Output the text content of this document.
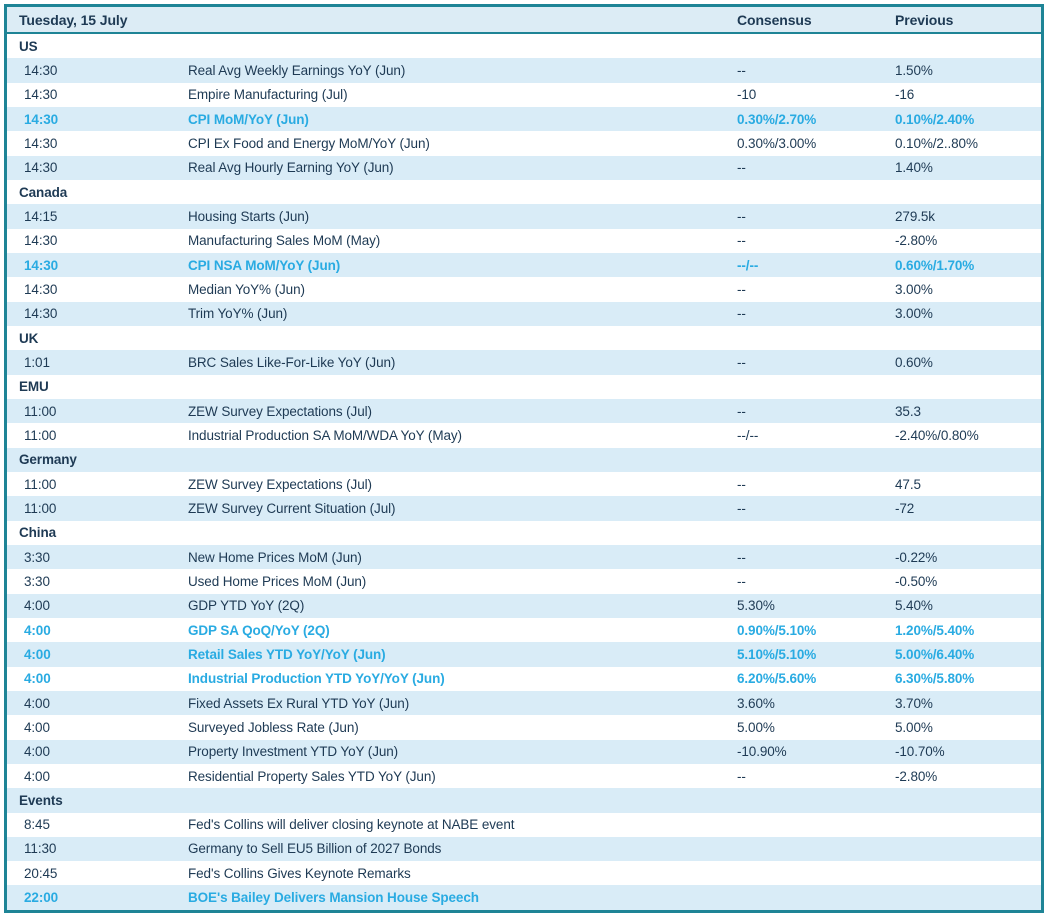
Tuesday, 15 July	Consensus	Previous
US
14:30	Real Avg Weekly Earnings YoY (Jun)	--	1.50%
14:30	Empire Manufacturing (Jul)	-10	-16
14:30	CPI MoM/YoY (Jun)	0.30%/2.70%	0.10%/2.40%
14:30	CPI Ex Food and Energy MoM/YoY (Jun)	0.30%/3.00%	0.10%/2..80%
14:30	Real Avg Hourly Earning YoY (Jun)	--	1.40%
Canada
14:15	Housing Starts (Jun)	--	279.5k
14:30	Manufacturing Sales MoM (May)	--	-2.80%
14:30	CPI NSA MoM/YoY (Jun)	--/--	0.60%/1.70%
14:30	Median YoY% (Jun)	--	3.00%
14:30	Trim YoY% (Jun)	--	3.00%
UK
1:01	BRC Sales Like-For-Like YoY (Jun)	--	0.60%
EMU
11:00	ZEW Survey Expectations (Jul)	--	35.3
11:00	Industrial Production SA MoM/WDA YoY (May)	--/--	-2.40%/0.80%
Germany
11:00	ZEW Survey Expectations (Jul)	--	47.5
11:00	ZEW Survey Current Situation (Jul)	--	-72
China
3:30	New Home Prices MoM (Jun)	--	-0.22%
3:30	Used Home Prices MoM (Jun)	--	-0.50%
4:00	GDP YTD YoY (2Q)	5.30%	5.40%
4:00	GDP SA QoQ/YoY (2Q)	0.90%/5.10%	1.20%/5.40%
4:00	Retail Sales YTD YoY/YoY (Jun)	5.10%/5.10%	5.00%/6.40%
4:00	Industrial Production YTD YoY/YoY (Jun)	6.20%/5.60%	6.30%/5.80%
4:00	Fixed Assets Ex Rural YTD YoY (Jun)	3.60%	3.70%
4:00	Surveyed Jobless Rate (Jun)	5.00%	5.00%
4:00	Property Investment YTD YoY (Jun)	-10.90%	-10.70%
4:00	Residential Property Sales YTD YoY (Jun)	--	-2.80%
Events
8:45	Fed's Collins will deliver closing keynote at NABE event
11:30	Germany to Sell EU5 Billion of 2027 Bonds
20:45	Fed's Collins Gives Keynote Remarks
22:00	BOE's Bailey Delivers Mansion House Speech
